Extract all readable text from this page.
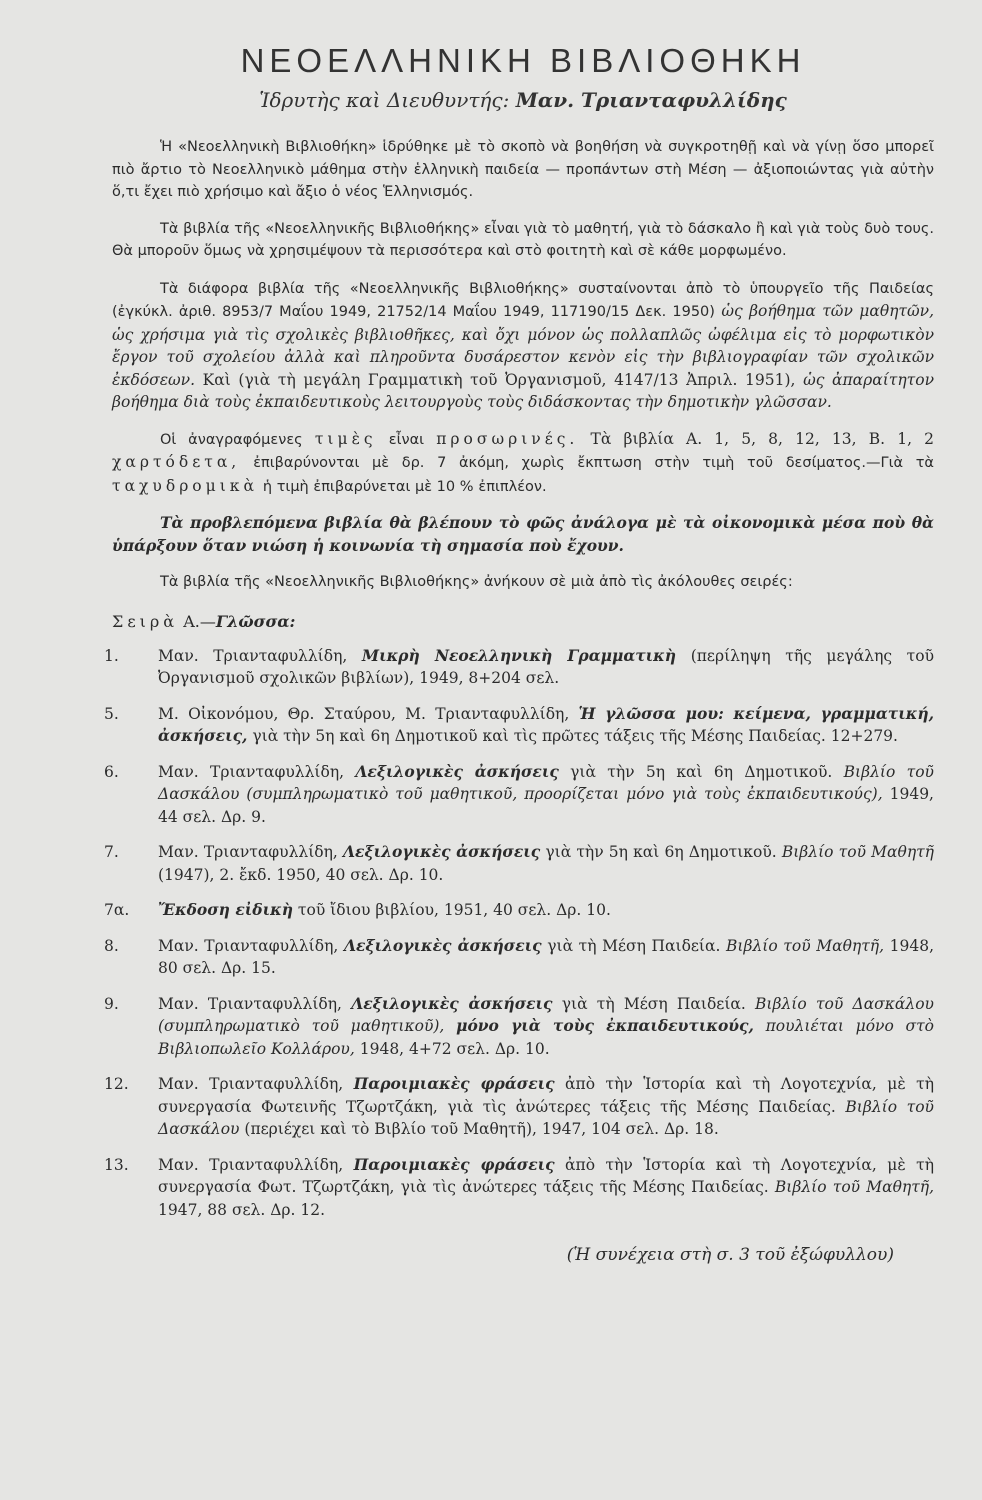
ΝΕΟΕΛΛΗΝΙΚΗ ΒΙΒΛΙΟΘΗΚΗ
Ἱδρυτὴς καὶ Διευθυντής: Μαν. Τριανταφυλλίδης

Ἡ «Νεοελληνικὴ Βιβλιοθήκη» ἱδρύθηκε μὲ τὸ σκοπὸ νὰ βοηθήση νὰ συγκροτηθῇ καὶ νὰ γίνῃ ὅσο μπορεῖ πιὸ ἄρτιο τὸ Νεοελληνικὸ μάθημα στὴν ἑλληνικὴ παιδεία — προπάντων στὴ Μέση — ἀξιοποιώντας γιὰ αὐτὴν ὅ,τι ἔχει πιὸ χρήσιμο καὶ ἄξιο ὁ νέος Ἑλληνισμός.

Τὰ βιβλία τῆς «Νεοελληνικῆς Βιβλιοθήκης» εἶναι γιὰ τὸ μαθητή, γιὰ τὸ δάσκαλο ἢ καὶ γιὰ τοὺς δυὸ τους. Θὰ μποροῦν ὅμως νὰ χρησιμέψουν τὰ περισσότερα καὶ στὸ φοιτητὴ καὶ σὲ κάθε μορφωμένο.

Τὰ διάφορα βιβλία τῆς «Νεοελληνικῆς Βιβλιοθήκης» συσταίνονται ἀπὸ τὸ ὑπουργεῖο τῆς Παιδείας (ἐγκύκλ. ἀριθ. 8953/7 Μαΐου 1949, 21752/14 Μαΐου 1949, 117190/15 Δεκ. 1950) ὡς βοήθημα τῶν μαθητῶν, ὡς χρήσιμα γιὰ τὶς σχολικὲς βιβλιοθῆκες, καὶ ὄχι μόνον ὡς πολλαπλῶς ὠφέλιμα εἰς τὸ μορφωτικὸν ἔργον τοῦ σχολείου ἀλλὰ καὶ πληροῦντα δυσάρεστον κενὸν εἰς τὴν βιβλιογραφίαν τῶν σχολικῶν ἐκδόσεων. Καὶ (γιὰ τὴ μεγάλη Γραμματικὴ τοῦ Ὀργανισμοῦ, 4147/13 Ἀπριλ. 1951), ὡς ἀπαραίτητον βοήθημα διὰ τοὺς ἐκπαιδευτικοὺς λειτουργοὺς τοὺς διδάσκοντας τὴν δημοτικὴν γλῶσσαν.

Οἱ ἀναγραφόμενες τιμὲς εἶναι προσωρινές. Τὰ βιβλία Α. 1, 5, 8, 12, 13, Β. 1, 2 χαρτόδετα, ἐπιβαρύνονται μὲ δρ. 7 ἀκόμη, χωρὶς ἔκπτωση στὴν τιμὴ τοῦ δεσίματος.—Γιὰ τὰ ταχυδρομικὰ ἡ τιμὴ ἐπιβαρύνεται μὲ 10 % ἐπιπλέον.

Τὰ προβλεπόμενα βιβλία θὰ βλέπουν τὸ φῶς ἀνάλογα μὲ τὰ οἰκονομικὰ μέσα ποὺ θὰ ὑπάρξουν ὅταν νιώση ἡ κοινωνία τὴ σημασία ποὺ ἔχουν.

Τὰ βιβλία τῆς «Νεοελληνικῆς Βιβλιοθήκης» ἀνήκουν σὲ μιὰ ἀπὸ τὶς ἀκόλουθες σειρές:

Σειρὰ Α.—Γλῶσσα:
1.	Μαν. Τριανταφυλλίδη, Μικρὴ Νεοελληνικὴ Γραμματικὴ (περίληψη τῆς μεγάλης τοῦ Ὀργανισμοῦ σχολικῶν βιβλίων), 1949, 8+204 σελ.
5.	Μ. Οἰκονόμου, Θρ. Σταύρου, Μ. Τριανταφυλλίδη, Ἡ γλῶσσα μου: κείμενα, γραμματική, ἀσκήσεις, γιὰ τὴν 5η καὶ 6η Δημοτικοῦ καὶ τὶς πρῶτες τάξεις τῆς Μέσης Παιδείας. 12+279.
6.	Μαν. Τριανταφυλλίδη, Λεξιλογικὲς ἀσκήσεις γιὰ τὴν 5η καὶ 6η Δημοτικοῦ. Βιβλίο τοῦ Δασκάλου (συμπληρωματικὸ τοῦ μαθητικοῦ, προορίζεται μόνο γιὰ τοὺς ἐκπαιδευτικούς), 1949, 44 σελ. Δρ. 9.
7.	Μαν. Τριανταφυλλίδη, Λεξιλογικὲς ἀσκήσεις γιὰ τὴν 5η καὶ 6η Δημοτικοῦ. Βιβλίο τοῦ Μαθητῆ (1947), 2. ἔκδ. 1950, 40 σελ. Δρ. 10.
7α.	Ἔκδοση εἰδικὴ τοῦ ἴδιου βιβλίου, 1951, 40 σελ. Δρ. 10.
8.	Μαν. Τριανταφυλλίδη, Λεξιλογικὲς ἀσκήσεις γιὰ τὴ Μέση Παιδεία. Βιβλίο τοῦ Μαθητῆ, 1948, 80 σελ. Δρ. 15.
9.	Μαν. Τριανταφυλλίδη, Λεξιλογικὲς ἀσκήσεις γιὰ τὴ Μέση Παιδεία. Βιβλίο τοῦ Δασκάλου (συμπληρωματικὸ τοῦ μαθητικοῦ), μόνο γιὰ τοὺς ἐκπαιδευτικούς, πουλιέται μόνο στὸ Βιβλιοπωλεῖο Κολλάρου, 1948, 4+72 σελ. Δρ. 10.
12.	Μαν. Τριανταφυλλίδη, Παροιμιακὲς φράσεις ἀπὸ τὴν Ἱστορία καὶ τὴ Λογοτεχνία, μὲ τὴ συνεργασία Φωτεινῆς Τζωρτζάκη, γιὰ τὶς ἀνώτερες τάξεις τῆς Μέσης Παιδείας. Βιβλίο τοῦ Δασκάλου (περιέχει καὶ τὸ Βιβλίο τοῦ Μαθητῆ), 1947, 104 σελ. Δρ. 18.
13.	Μαν. Τριανταφυλλίδη, Παροιμιακὲς φράσεις ἀπὸ τὴν Ἱστορία καὶ τὴ Λογοτεχνία, μὲ τὴ συνεργασία Φωτ. Τζωρτζάκη, γιὰ τὶς ἀνώτερες τάξεις τῆς Μέσης Παιδείας. Βιβλίο τοῦ Μαθητῆ, 1947, 88 σελ. Δρ. 12.
(Ἡ συνέχεια στὴ σ. 3 τοῦ ἐξώφυλλου)
